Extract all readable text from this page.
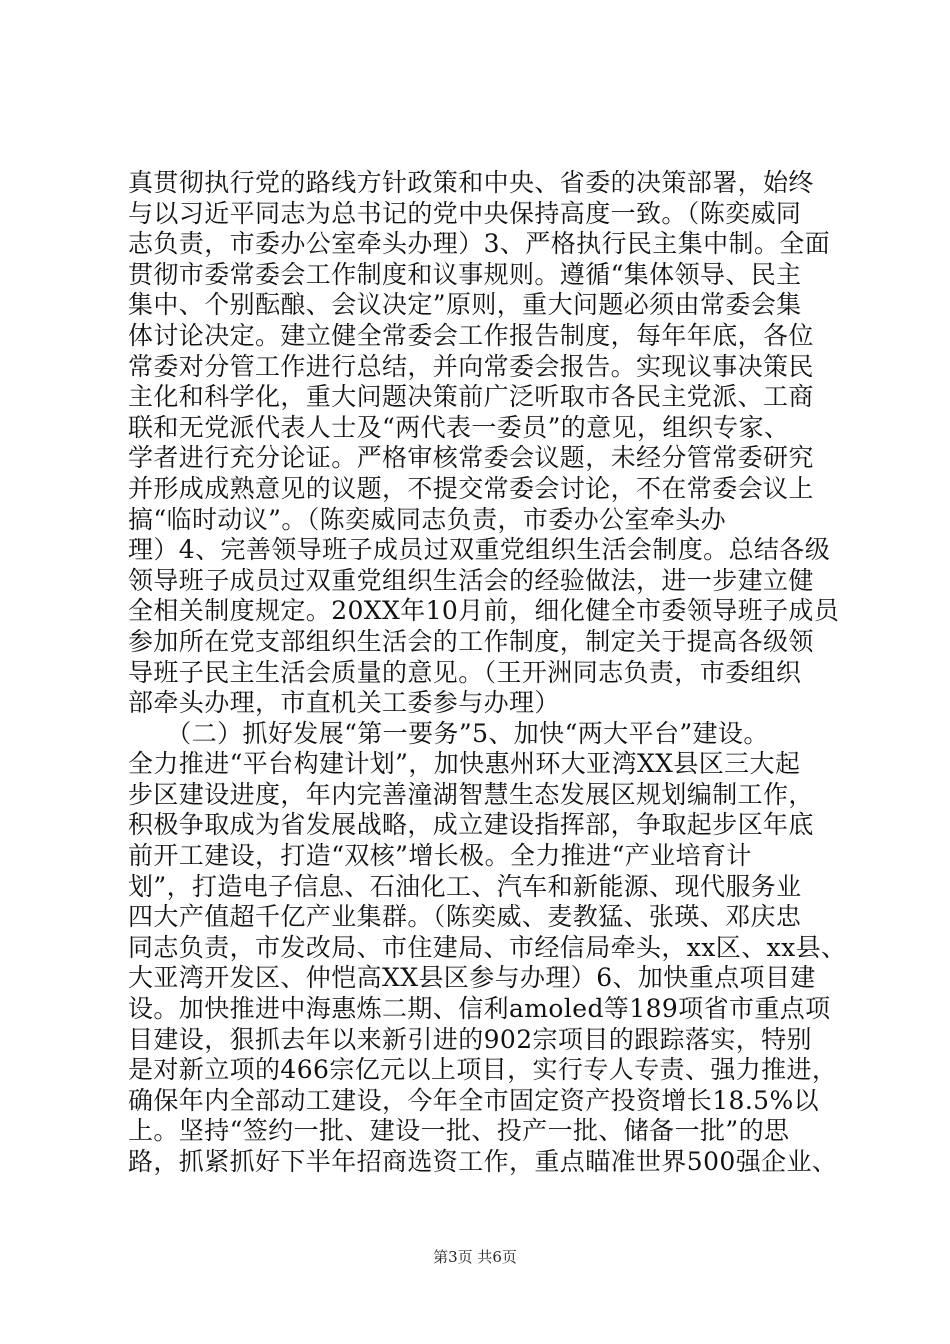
真贯彻执行党的路线方针政策和中央、省委的决策部署，始终
与以习近平同志为总书记的党中央保持高度一致。（陈奕威同
志负责，市委办公室牵头办理）3、严格执行民主集中制。全面
贯彻市委常委会工作制度和议事规则。遵循“集体领导、民主
集中、个别酝酿、会议决定”原则，重大问题必须由常委会集
体讨论决定。建立健全常委会工作报告制度，每年年底，各位
常委对分管工作进行总结，并向常委会报告。实现议事决策民
主化和科学化，重大问题决策前广泛听取市各民主党派、工商
联和无党派代表人士及“两代表一委员”的意见，组织专家、
学者进行充分论证。严格审核常委会议题，未经分管常委研究
并形成成熟意见的议题，不提交常委会讨论，不在常委会议上
搞“临时动议”。（陈奕威同志负责，市委办公室牵头办
理）4、完善领导班子成员过双重党组织生活会制度。总结各级
领导班子成员过双重党组织生活会的经验做法，进一步建立健
全相关制度规定。20XX年10月前，细化健全市委领导班子成员
参加所在党支部组织生活会的工作制度，制定关于提高各级领
导班子民主生活会质量的意见。（王开洲同志负责，市委组织
部牵头办理，市直机关工委参与办理）
　　（二）抓好发展“第一要务”5、加快“两大平台”建设。
全力推进“平台构建计划”，加快惠州环大亚湾XX县区三大起
步区建设进度，年内完善潼湖智慧生态发展区规划编制工作，
积极争取成为省发展战略，成立建设指挥部，争取起步区年底
前开工建设，打造“双核”增长极。全力推进“产业培育计
划”，打造电子信息、石油化工、汽车和新能源、现代服务业
四大产值超千亿产业集群。（陈奕威、麦教猛、张瑛、邓庆忠
同志负责，市发改局、市住建局、市经信局牵头，xx区、xx县、
大亚湾开发区、仲恺高XX县区参与办理）6、加快重点项目建
设。加快推进中海惠炼二期、信利amoled等189项省市重点项
目建设，狠抓去年以来新引进的902宗项目的跟踪落实，特别
是对新立项的466宗亿元以上项目，实行专人专责、强力推进，
确保年内全部动工建设，今年全市固定资产投资增长18.5%以
上。坚持“签约一批、建设一批、投产一批、储备一批”的思
路，抓紧抓好下半年招商选资工作，重点瞄准世界500强企业、
第3页 共6页
